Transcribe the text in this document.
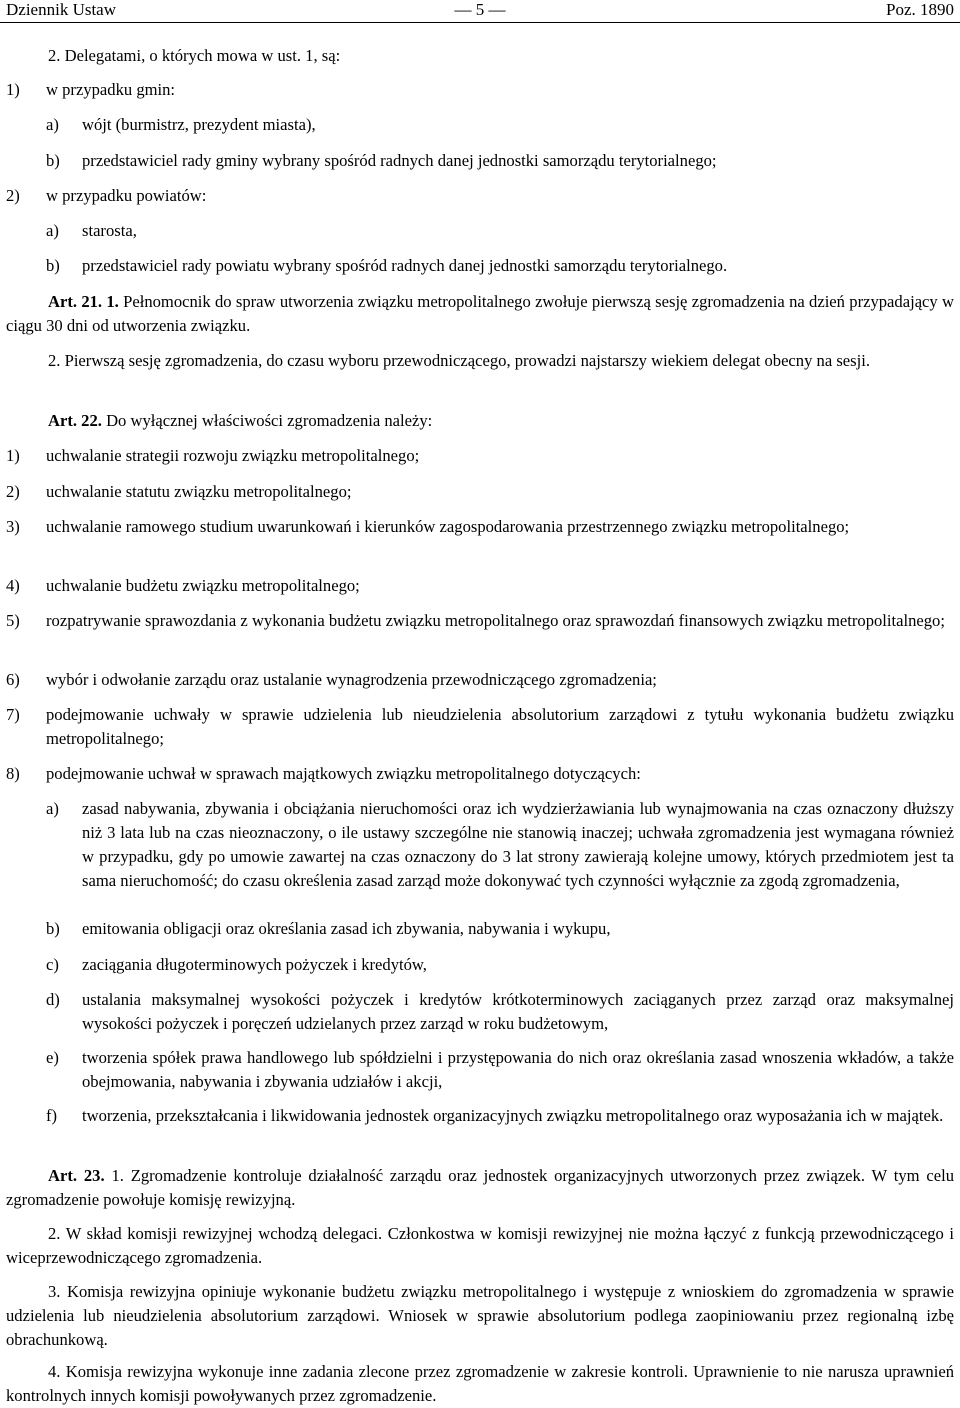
Dziennik Ustaw	— 5 —	Poz. 1890
2. Delegatami, o których mowa w ust. 1, są:
1) w przypadku gmin:
a) wójt (burmistrz, prezydent miasta),
b) przedstawiciel rady gminy wybrany spośród radnych danej jednostki samorządu terytorialnego;
2) w przypadku powiatów:
a) starosta,
b) przedstawiciel rady powiatu wybrany spośród radnych danej jednostki samorządu terytorialnego.
Art. 21. 1. Pełnomocnik do spraw utworzenia związku metropolitalnego zwołuje pierwszą sesję zgromadzenia na dzień przypadający w ciągu 30 dni od utworzenia związku.
2. Pierwszą sesję zgromadzenia, do czasu wyboru przewodniczącego, prowadzi najstarszy wiekiem delegat obecny na sesji.
Art. 22. Do wyłącznej właściwości zgromadzenia należy:
1) uchwalanie strategii rozwoju związku metropolitalnego;
2) uchwalanie statutu związku metropolitalnego;
3) uchwalanie ramowego studium uwarunkowań i kierunków zagospodarowania przestrzennego związku metropolitalnego;
4) uchwalanie budżetu związku metropolitalnego;
5) rozpatrywanie sprawozdania z wykonania budżetu związku metropolitalnego oraz sprawozdań finansowych związku metropolitalnego;
6) wybór i odwołanie zarządu oraz ustalanie wynagrodzenia przewodniczącego zgromadzenia;
7) podejmowanie uchwały w sprawie udzielenia lub nieudzielenia absolutorium zarządowi z tytułu wykonania budżetu związku metropolitalnego;
8) podejmowanie uchwał w sprawach majątkowych związku metropolitalnego dotyczących:
a) zasad nabywania, zbywania i obciążania nieruchomości oraz ich wydzierżawiania lub wynajmowania na czas oznaczony dłuższy niż 3 lata lub na czas nieoznaczony, o ile ustawy szczególne nie stanowią inaczej; uchwała zgromadzenia jest wymagana również w przypadku, gdy po umowie zawartej na czas oznaczony do 3 lat strony zawierają kolejne umowy, których przedmiotem jest ta sama nieruchomość; do czasu określenia zasad zarząd może dokonywać tych czynności wyłącznie za zgodą zgromadzenia,
b) emitowania obligacji oraz określania zasad ich zbywania, nabywania i wykupu,
c) zaciągania długoterminowych pożyczek i kredytów,
d) ustalania maksymalnej wysokości pożyczek i kredytów krótkoterminowych zaciąganych przez zarząd oraz maksymalnej wysokości pożyczek i poręczeń udzielanych przez zarząd w roku budżetowym,
e) tworzenia spółek prawa handlowego lub spółdzielni i przystępowania do nich oraz określania zasad wnoszenia wkładów, a także obejmowania, nabywania i zbywania udziałów i akcji,
f) tworzenia, przekształcania i likwidowania jednostek organizacyjnych związku metropolitalnego oraz wyposażania ich w majątek.
Art. 23. 1. Zgromadzenie kontroluje działalność zarządu oraz jednostek organizacyjnych utworzonych przez związek. W tym celu zgromadzenie powołuje komisję rewizyjną.
2. W skład komisji rewizyjnej wchodzą delegaci. Członkostwa w komisji rewizyjnej nie można łączyć z funkcją przewodniczącego i wiceprzewodniczącego zgromadzenia.
3. Komisja rewizyjna opiniuje wykonanie budżetu związku metropolitalnego i występuje z wnioskiem do zgromadzenia w sprawie udzielenia lub nieudzielenia absolutorium zarządowi. Wniosek w sprawie absolutorium podlega zaopiniowaniu przez regionalną izbę obrachunkową.
4. Komisja rewizyjna wykonuje inne zadania zlecone przez zgromadzenie w zakresie kontroli. Uprawnienie to nie narusza uprawnień kontrolnych innych komisji powoływanych przez zgromadzenie.
